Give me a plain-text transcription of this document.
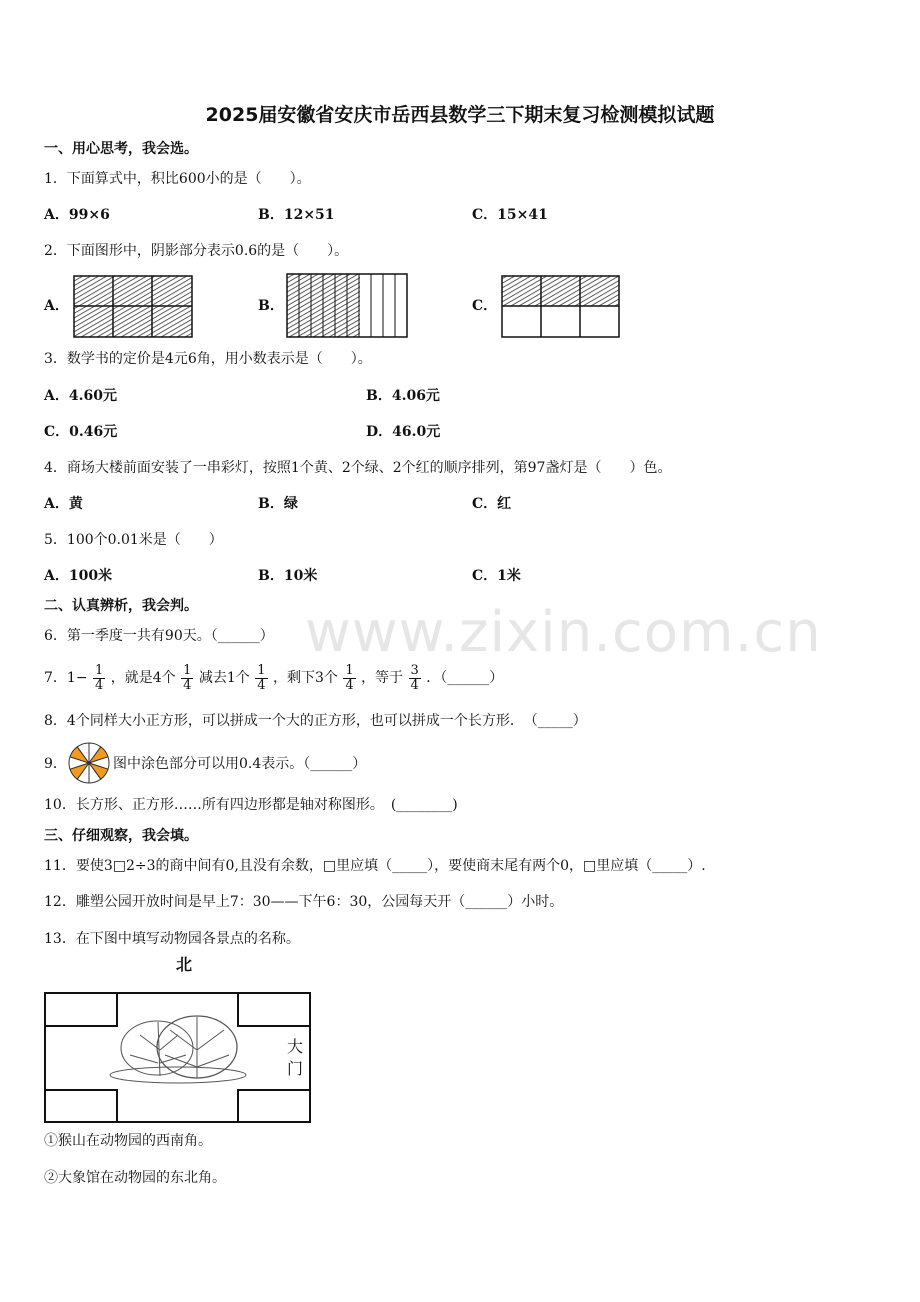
www.zixin.com.cn
2025届安徽省安庆市岳西县数学三下期末复习检测模拟试题
一、用心思考，我会选。
1．下面算式中，积比600小的是（　　）。
A．99×6	B．12×51	C．15×41
2．下面图形中，阴影部分表示0.6的是（　　）。
A．	B．	C．
3．数学书的定价是4元6角，用小数表示是（　　）。
A．4.60元	B．4.06元
C．0.46元	D．46.0元
4．商场大楼前面安装了一串彩灯，按照1个黄、2个绿、2个红的顺序排列，第97盏灯是（　　）色。
A．黄	B．绿	C．红
5．100个0.01米是（　　）
A．100米	B．10米	C．1米
二、认真辨析，我会判。
6．第一季度一共有90天。（______）
7．$1- \frac{1}{4}$ ，就是4个 $\frac{1}{4}$ 减去1个 $\frac{1}{4}$ ，剩下3个 $\frac{1}{4}$ ，等于 $\frac{3}{4}$ ．（______）
8．4个同样大小正方形，可以拼成一个大的正方形，也可以拼成一个长方形．　（_____）
9．	图中涂色部分可以用0.4表示。（______）
10．长方形、正方形……所有四边形都是轴对称图形。　(________)
三、仔细观察，我会填。
11．要使3□2÷3的商中间有0,且没有余数，□里应填（_____），要使商末尾有两个0，□里应填（_____）.
12．雕塑公园开放时间是早上7：30——下午6：30，公园每天开（______）小时。
13．在下图中填写动物园各景点的名称。
北
大
门
①猴山在动物园的西南角。
②大象馆在动物园的东北角。
